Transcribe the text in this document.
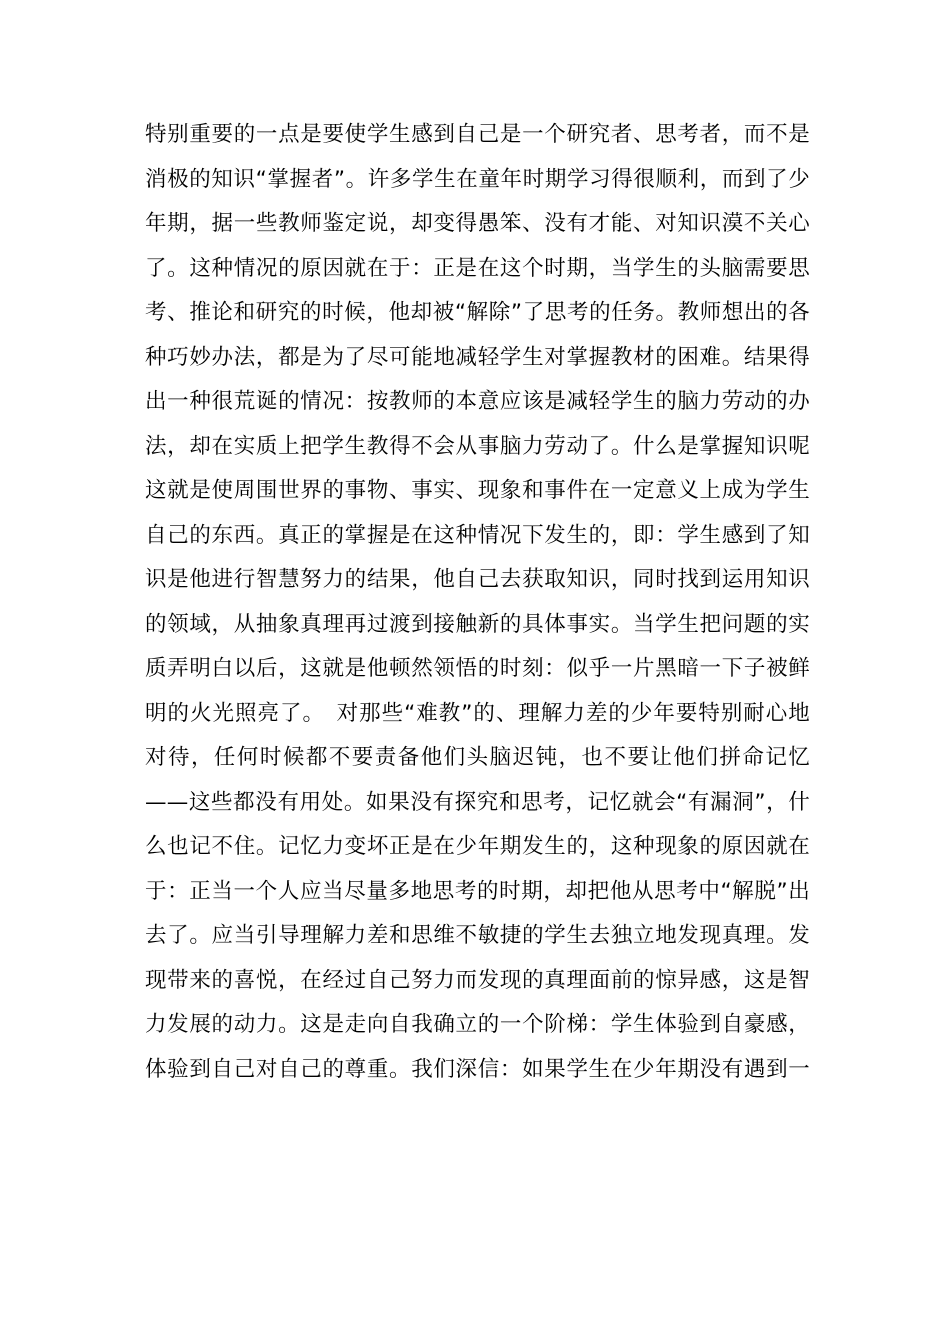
特别重要的一点是要使学生感到自己是一个研究者、思考者，而不是
消极的知识“掌握者”。许多学生在童年时期学习得很顺利，而到了少
年期，据一些教师鉴定说，却变得愚笨、没有才能、对知识漠不关心
了。这种情况的原因就在于：正是在这个时期，当学生的头脑需要思
考、推论和研究的时候，他却被“解除”了思考的任务。教师想出的各
种巧妙办法，都是为了尽可能地减轻学生对掌握教材的困难。结果得
出一种很荒诞的情况：按教师的本意应该是减轻学生的脑力劳动的办
法，却在实质上把学生教得不会从事脑力劳动了。什么是掌握知识呢
这就是使周围世界的事物、事实、现象和事件在一定意义上成为学生
自己的东西。真正的掌握是在这种情况下发生的，即：学生感到了知
识是他进行智慧努力的结果，他自己去获取知识，同时找到运用知识
的领域，从抽象真理再过渡到接触新的具体事实。当学生把问题的实
质弄明白以后，这就是他顿然领悟的时刻：似乎一片黑暗一下子被鲜
明的火光照亮了。　对那些“难教”的、理解力差的少年要特别耐心地
对待，任何时候都不要责备他们头脑迟钝，也不要让他们拼命记忆
——这些都没有用处。如果没有探究和思考，记忆就会“有漏洞”，什
么也记不住。记忆力变坏正是在少年期发生的，这种现象的原因就在
于：正当一个人应当尽量多地思考的时期，却把他从思考中“解脱”出
去了。应当引导理解力差和思维不敏捷的学生去独立地发现真理。发
现带来的喜悦，在经过自己努力而发现的真理面前的惊异感，这是智
力发展的动力。这是走向自我确立的一个阶梯：学生体验到自豪感，
体验到自己对自己的尊重。我们深信：如果学生在少年期没有遇到一
